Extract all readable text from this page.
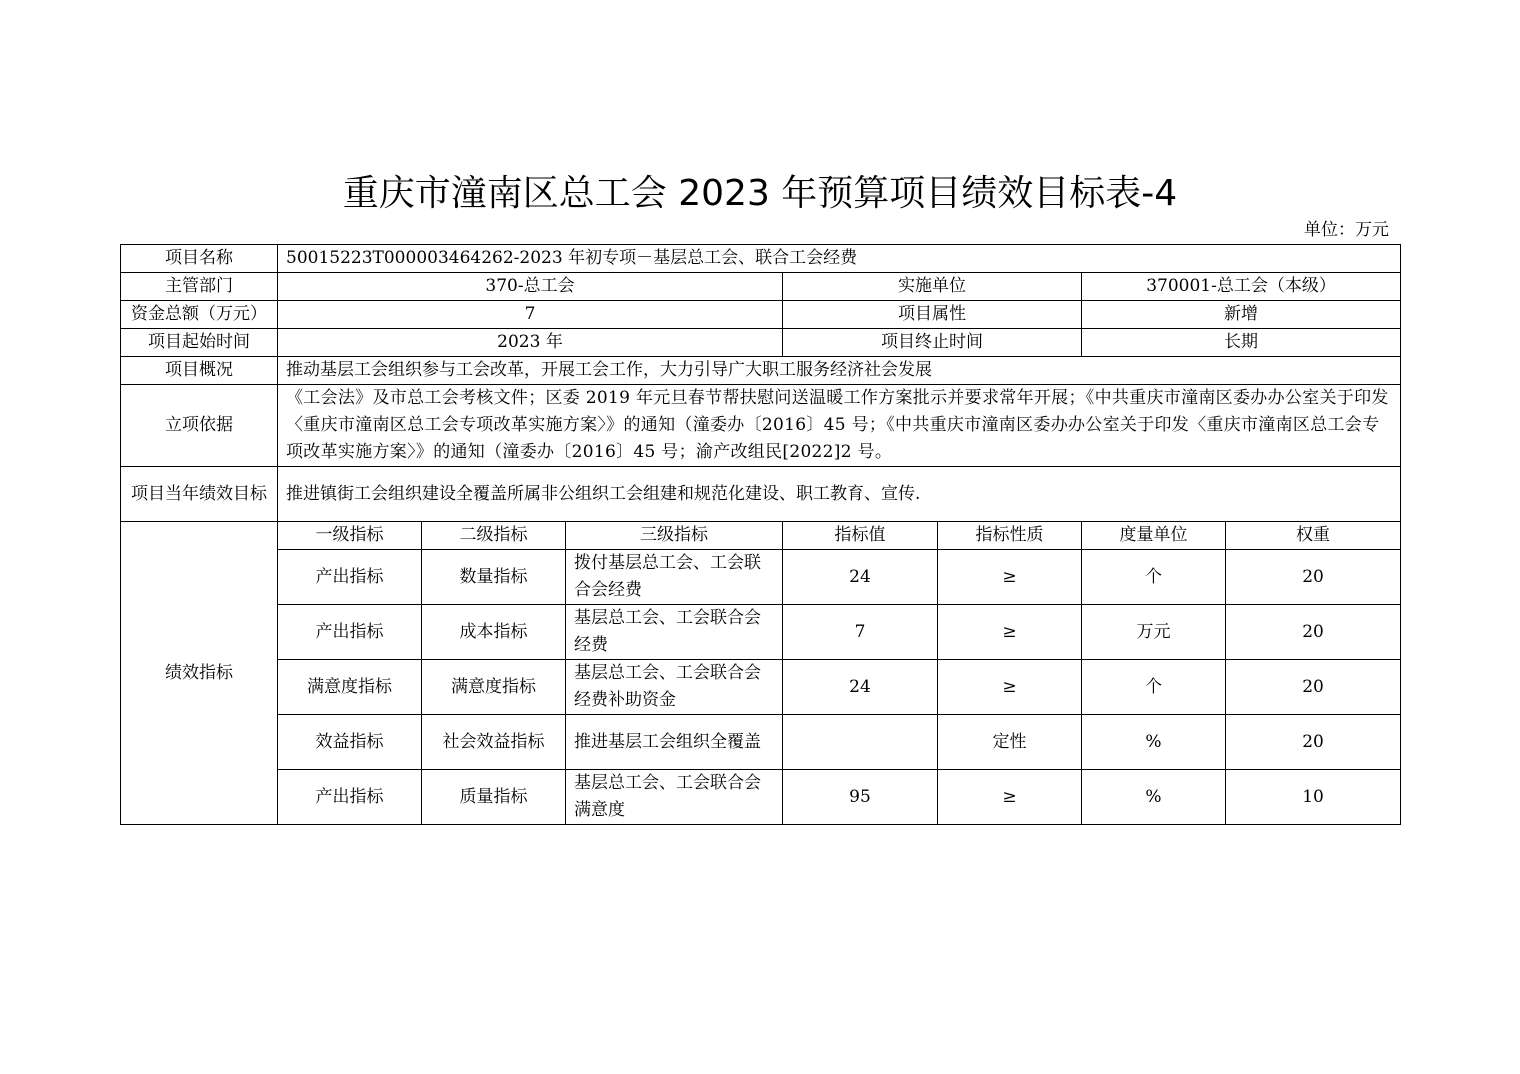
重庆市潼南区总工会 2023 年预算项目绩效目标表-4
单位：万元
项目名称	50015223T000003464262-2023 年初专项－基层总工会、联合工会经费						
主管部门	370-总工会			实施单位		370001-总工会（本级）	
资金总额（万元）	7			项目属性		新增	
项目起始时间	2023 年			项目终止时间		长期	
项目概况	推动基层工会组织参与工会改革，开展工会工作，大力引导广大职工服务经济社会发展						
立项依据	《工会法》及市总工会考核文件；区委 2019 年元旦春节帮扶慰问送温暖工作方案批示并要求常年开展；《中共重庆市潼南区委办办公室关于印发〈重庆市潼南区总工会专项改革实施方案〉》的通知（潼委办〔2016〕45 号；《中共重庆市潼南区委办办公室关于印发〈重庆市潼南区总工会专项改革实施方案〉》的通知（潼委办〔2016〕45 号；渝产改组民[2022]2 号。						
项目当年绩效目标	推进镇街工会组织建设全覆盖所属非公组织工会组建和规范化建设、职工教育、宣传.						
绩效指标	一级指标	二级指标	三级指标	指标值	指标性质	度量单位	权重
	产出指标	数量指标	拨付基层总工会、工会联合会经费	24	≥	个	20
	产出指标	成本指标	基层总工会、工会联合会经费	7	≥	万元	20
	满意度指标	满意度指标	基层总工会、工会联合会经费补助资金	24	≥	个	20
	效益指标	社会效益指标	推进基层工会组织全覆盖		定性	%	20
	产出指标	质量指标	基层总工会、工会联合会满意度	95	≥	%	10
